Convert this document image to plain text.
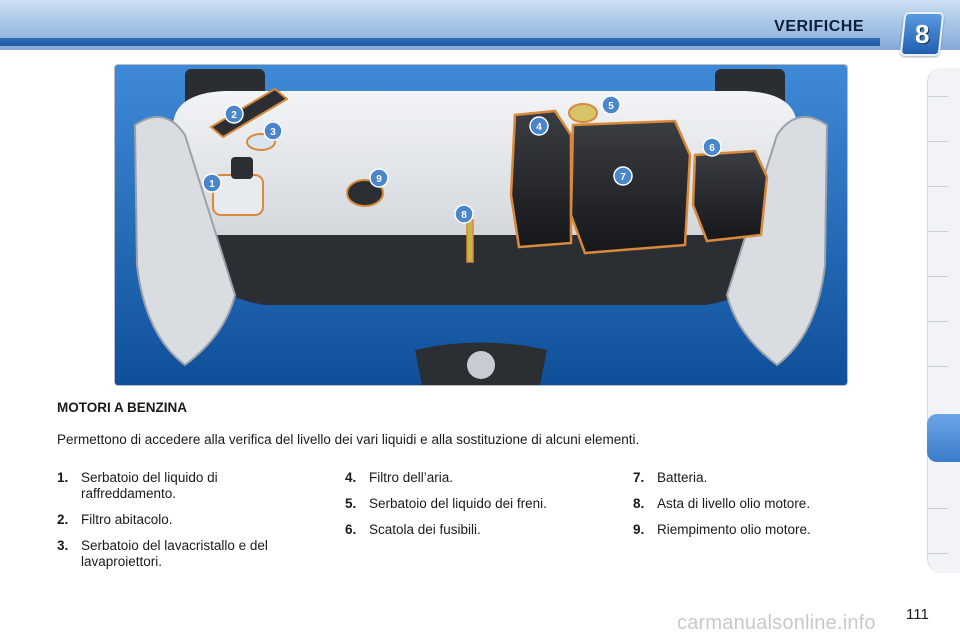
VERIFICHE 8
1
2
3	4
5
6
7
8
9
MOTORI A BENZINA
Permettono di accedere alla verifica del livello dei vari liquidi e alla sostituzione di alcuni elementi.
1. Serbatoio del liquido di raffreddamento.
2. Filtro abitacolo.
3. Serbatoio del lavacristallo e del lavaproiettori.
4. Filtro dell’aria.
5. Serbatoio del liquido dei freni.
6. Scatola dei fusibili.
7. Batteria.
8. Asta di livello olio motore.
9. Riempimento olio motore.
carmanualsonline.info 111
